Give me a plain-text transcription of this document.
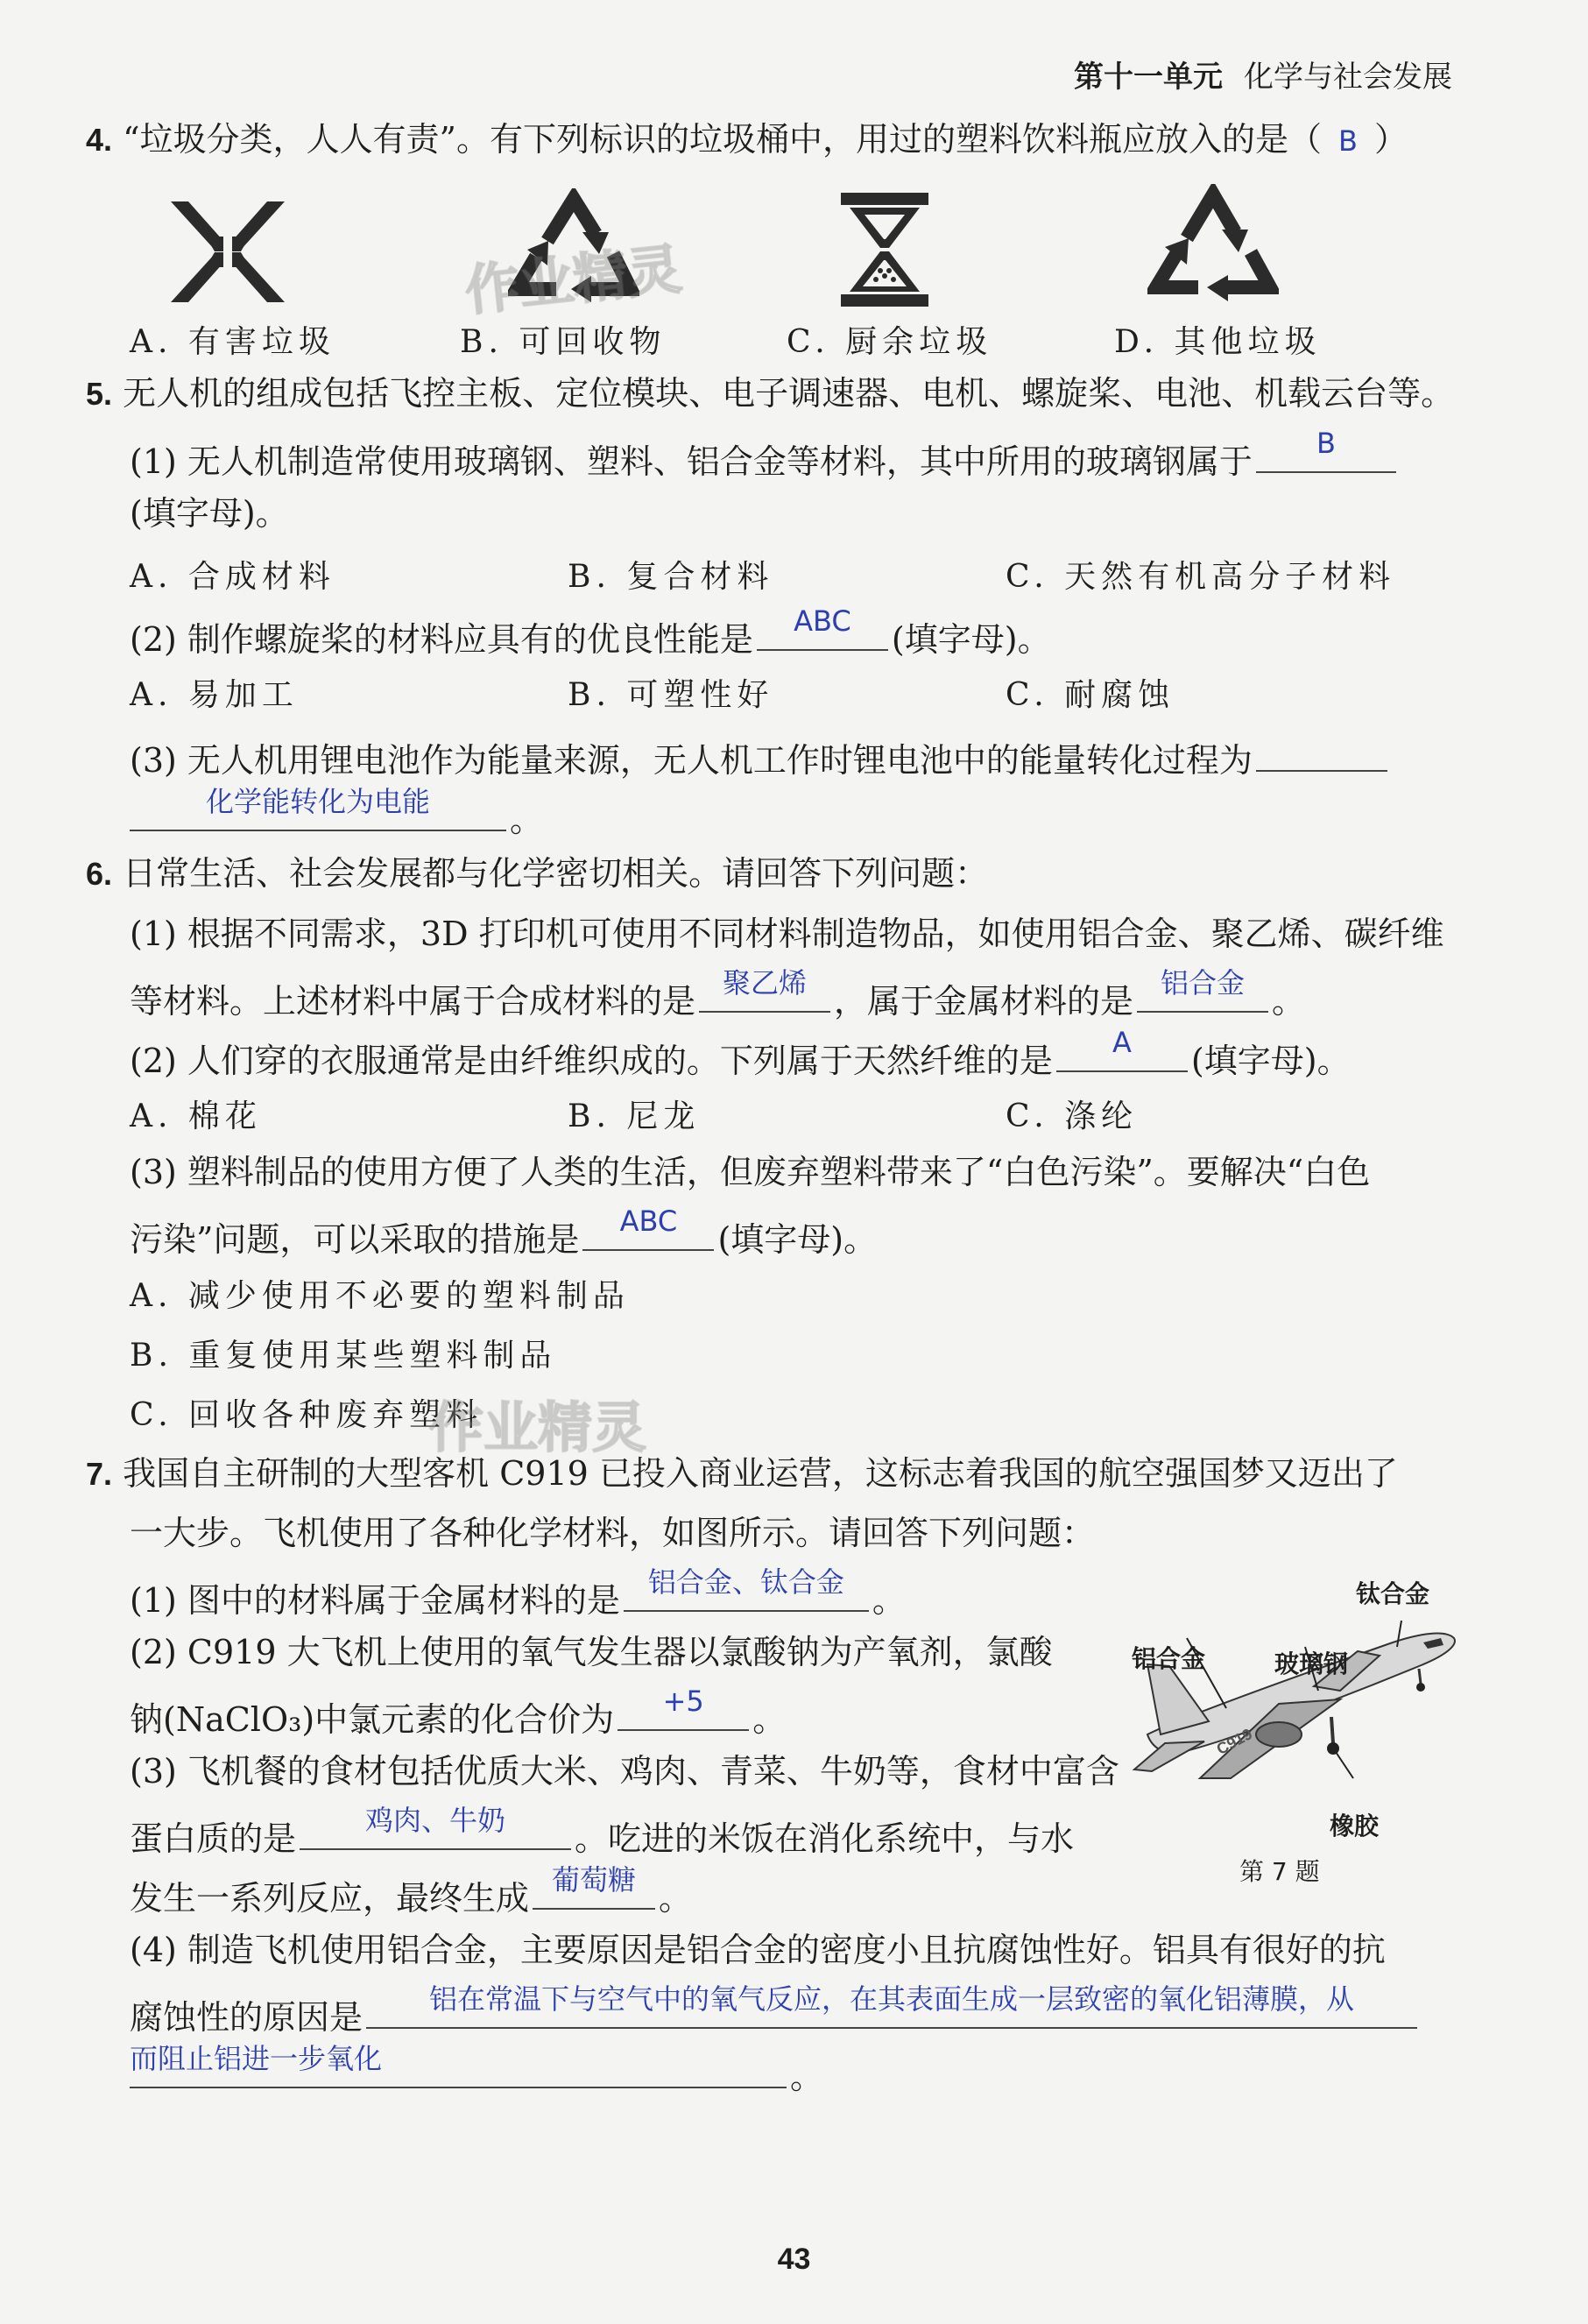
第十一单元 化学与社会发展
4. “垃圾分类，人人有责”。有下列标识的垃圾桶中，用过的塑料饮料瓶应放入的是（ B ）
作业精灵
A. 有害垃圾	B. 可回收物	C. 厨余垃圾	D. 其他垃圾
5. 无人机的组成包括飞控主板、定位模块、电子调速器、电机、螺旋桨、电池、机载云台等。
(1) 无人机制造常使用玻璃钢、塑料、铝合金等材料，其中所用的玻璃钢属于	B
(填字母)。
A. 合成材料	B. 复合材料	C. 天然有机高分子材料
(2) 制作螺旋桨的材料应具有的优良性能是	ABC	(填字母)。
A. 易加工	B. 可塑性好	C. 耐腐蚀
(3) 无人机用锂电池作为能量来源，无人机工作时锂电池中的能量转化过程为
化学能转化为电能	。
6. 日常生活、社会发展都与化学密切相关。请回答下列问题：
(1) 根据不同需求，3D 打印机可使用不同材料制造物品，如使用铝合金、聚乙烯、碳纤维
等材料。上述材料中属于合成材料的是 聚乙烯 ，属于金属材料的是 铝合金 。
(2) 人们穿的衣服通常是由纤维织成的。下列属于天然纤维的是	A	(填字母)。
A. 棉花	B. 尼龙	C. 涤纶
(3) 塑料制品的使用方便了人类的生活，但废弃塑料带来了“白色污染”。要解决“白色
污染”问题，可以采取的措施是	ABC	(填字母)。
A. 减少使用不必要的塑料制品
B. 重复使用某些塑料制品
C. 回收各种废弃塑料
作业精灵
7. 我国自主研制的大型客机 C919 已投入商业运营，这标志着我国的航空强国梦又迈出了
一大步。飞机使用了各种化学材料，如图所示。请回答下列问题：
(1) 图中的材料属于金属材料的是 铝合金、钛合金 。
(2) C919 大飞机上使用的氧气发生器以氯酸钠为产氧剂，氯酸
钠(NaClO₃)中氯元素的化合价为	+5	。
(3) 飞机餐的食材包括优质大米、鸡肉、青菜、牛奶等，食材中富含
蛋白质的是	鸡肉、牛奶	。吃进的米饭在消化系统中，与水
发生一系列反应，最终生成 葡萄糖 。
(4) 制造飞机使用铝合金，主要原因是铝合金的密度小且抗腐蚀性好。铝具有很好的抗
腐蚀性的原因是	铝在常温下与空气中的氧气反应，在其表面生成一层致密的氧化铝薄膜，从
而阻止铝进一步氧化	。
C919
钛合金
铝合金	玻璃钢
橡胶
第 7 题
43
